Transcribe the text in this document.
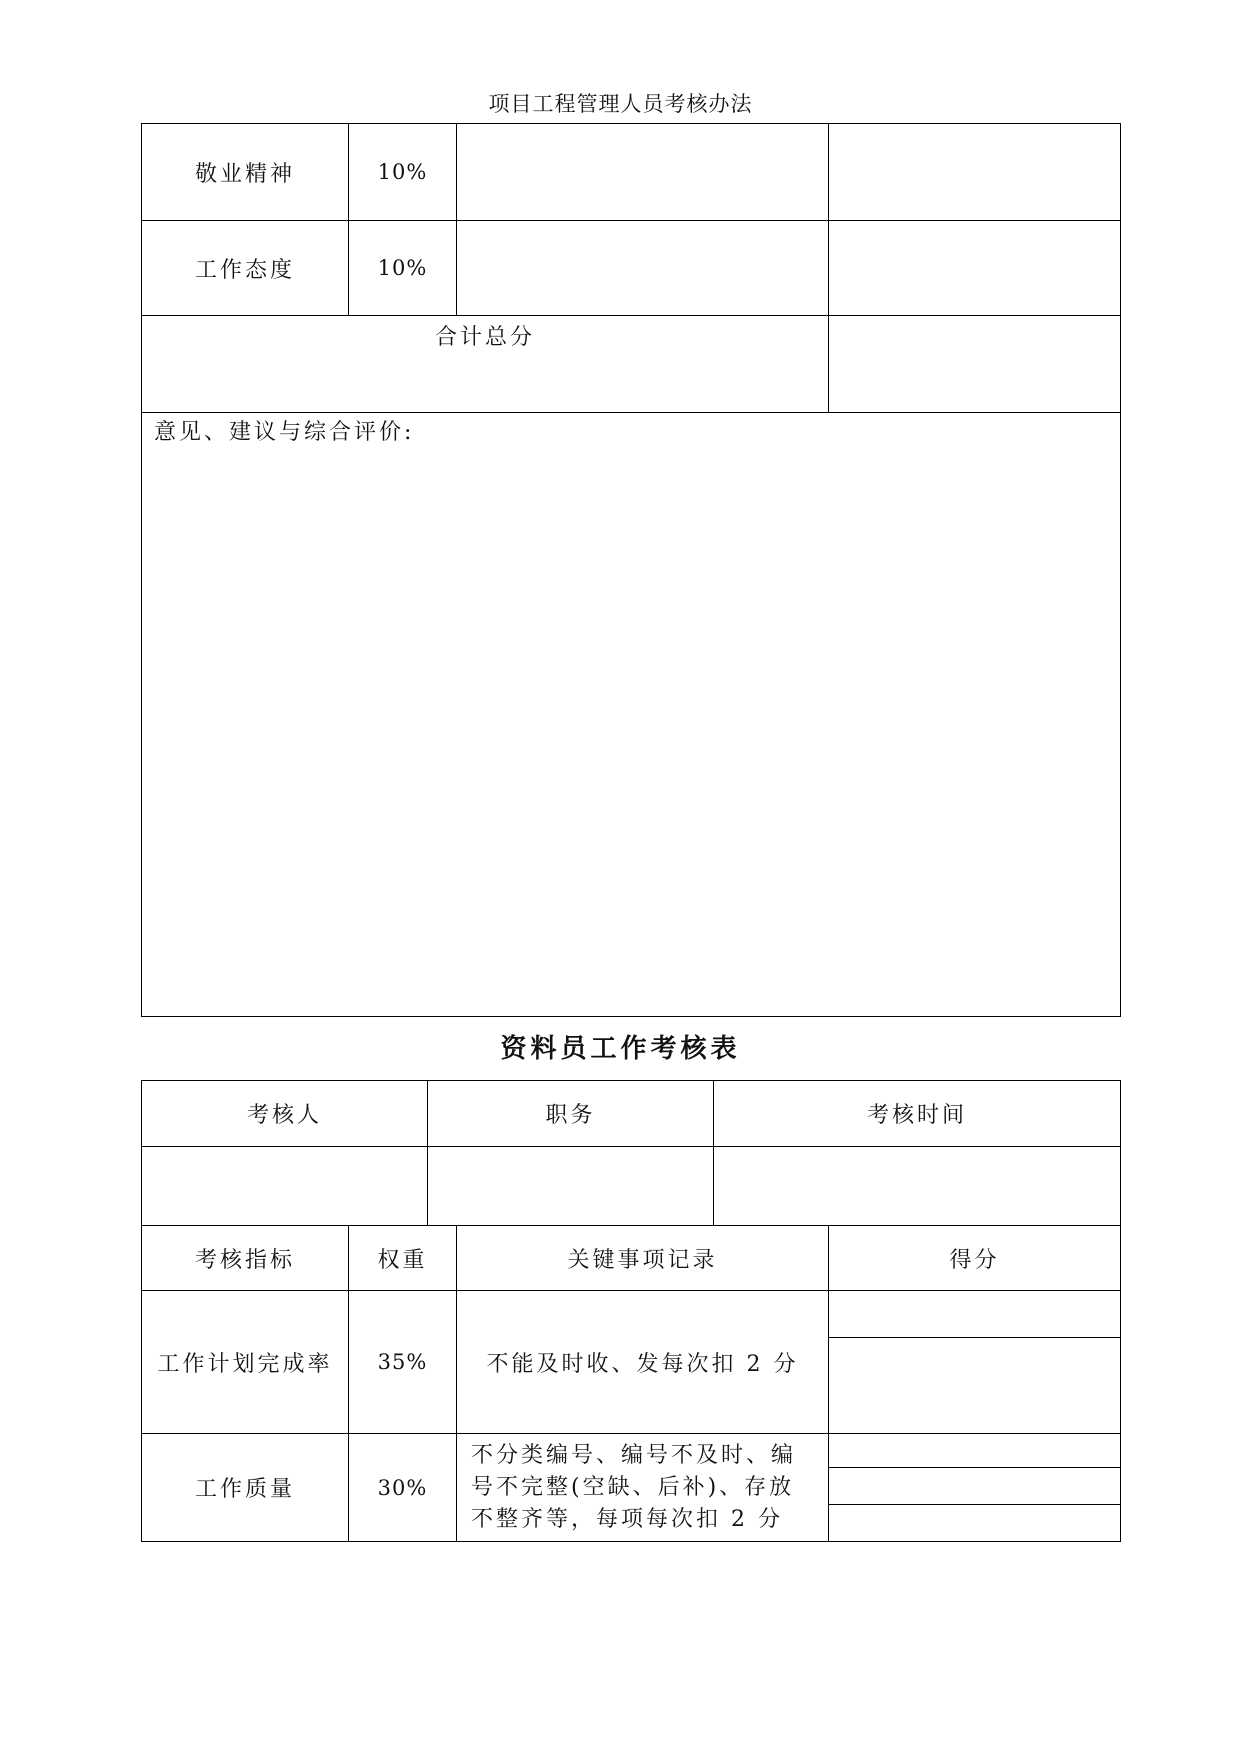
项目工程管理人员考核办法
敬业精神	10%		
工作态度	10%		
合计总分			
意见、建议与综合评价:			
资料员工作考核表
考核人	职务	考核时间

考核指标	权重	关键事项记录	得分
工作计划完成率	35%	不能及时收、发每次扣 2 分	

工作质量	30%	不分类编号、编号不及时、编号不完整(空缺、后补)、存放不整齐等，每项每次扣 2 分	
